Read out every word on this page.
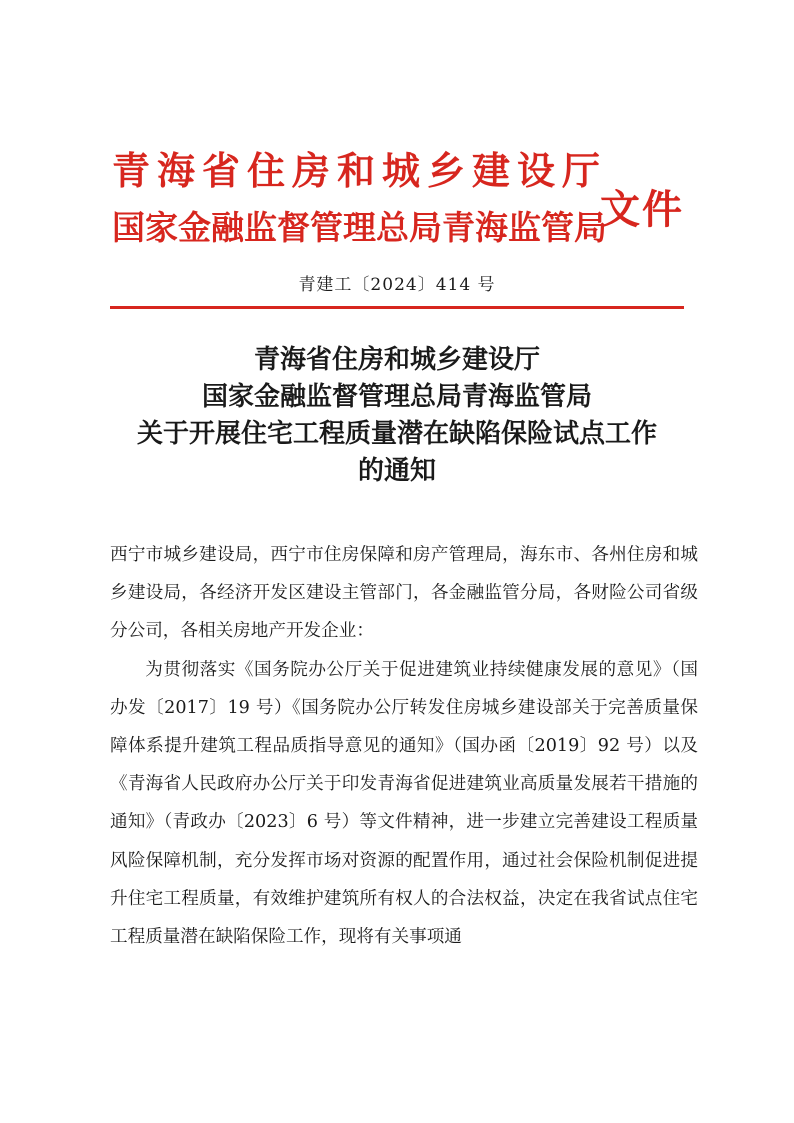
青海省住房和城乡建设厅
国家金融监督管理总局青海监管局
文件
青建工〔2024〕414 号
青海省住房和城乡建设厅
国家金融监督管理总局青海监管局
关于开展住宅工程质量潜在缺陷保险试点工作
的通知

西宁市城乡建设局，西宁市住房保障和房产管理局，海东市、各州住房和城乡建设局，各经济开发区建设主管部门，各金融监管分局，各财险公司省级分公司，各相关房地产开发企业：

为贯彻落实《国务院办公厅关于促进建筑业持续健康发展的意见》（国办发〔2017〕19 号）《国务院办公厅转发住房城乡建设部关于完善质量保障体系提升建筑工程品质指导意见的通知》（国办函〔2019〕92 号）以及《青海省人民政府办公厅关于印发青海省促进建筑业高质量发展若干措施的通知》（青政办〔2023〕6 号）等文件精神，进一步建立完善建设工程质量风险保障机制，充分发挥市场对资源的配置作用，通过社会保险机制促进提升住宅工程质量，有效维护建筑所有权人的合法权益，决定在我省试点住宅工程质量潜在缺陷保险工作，现将有关事项通
